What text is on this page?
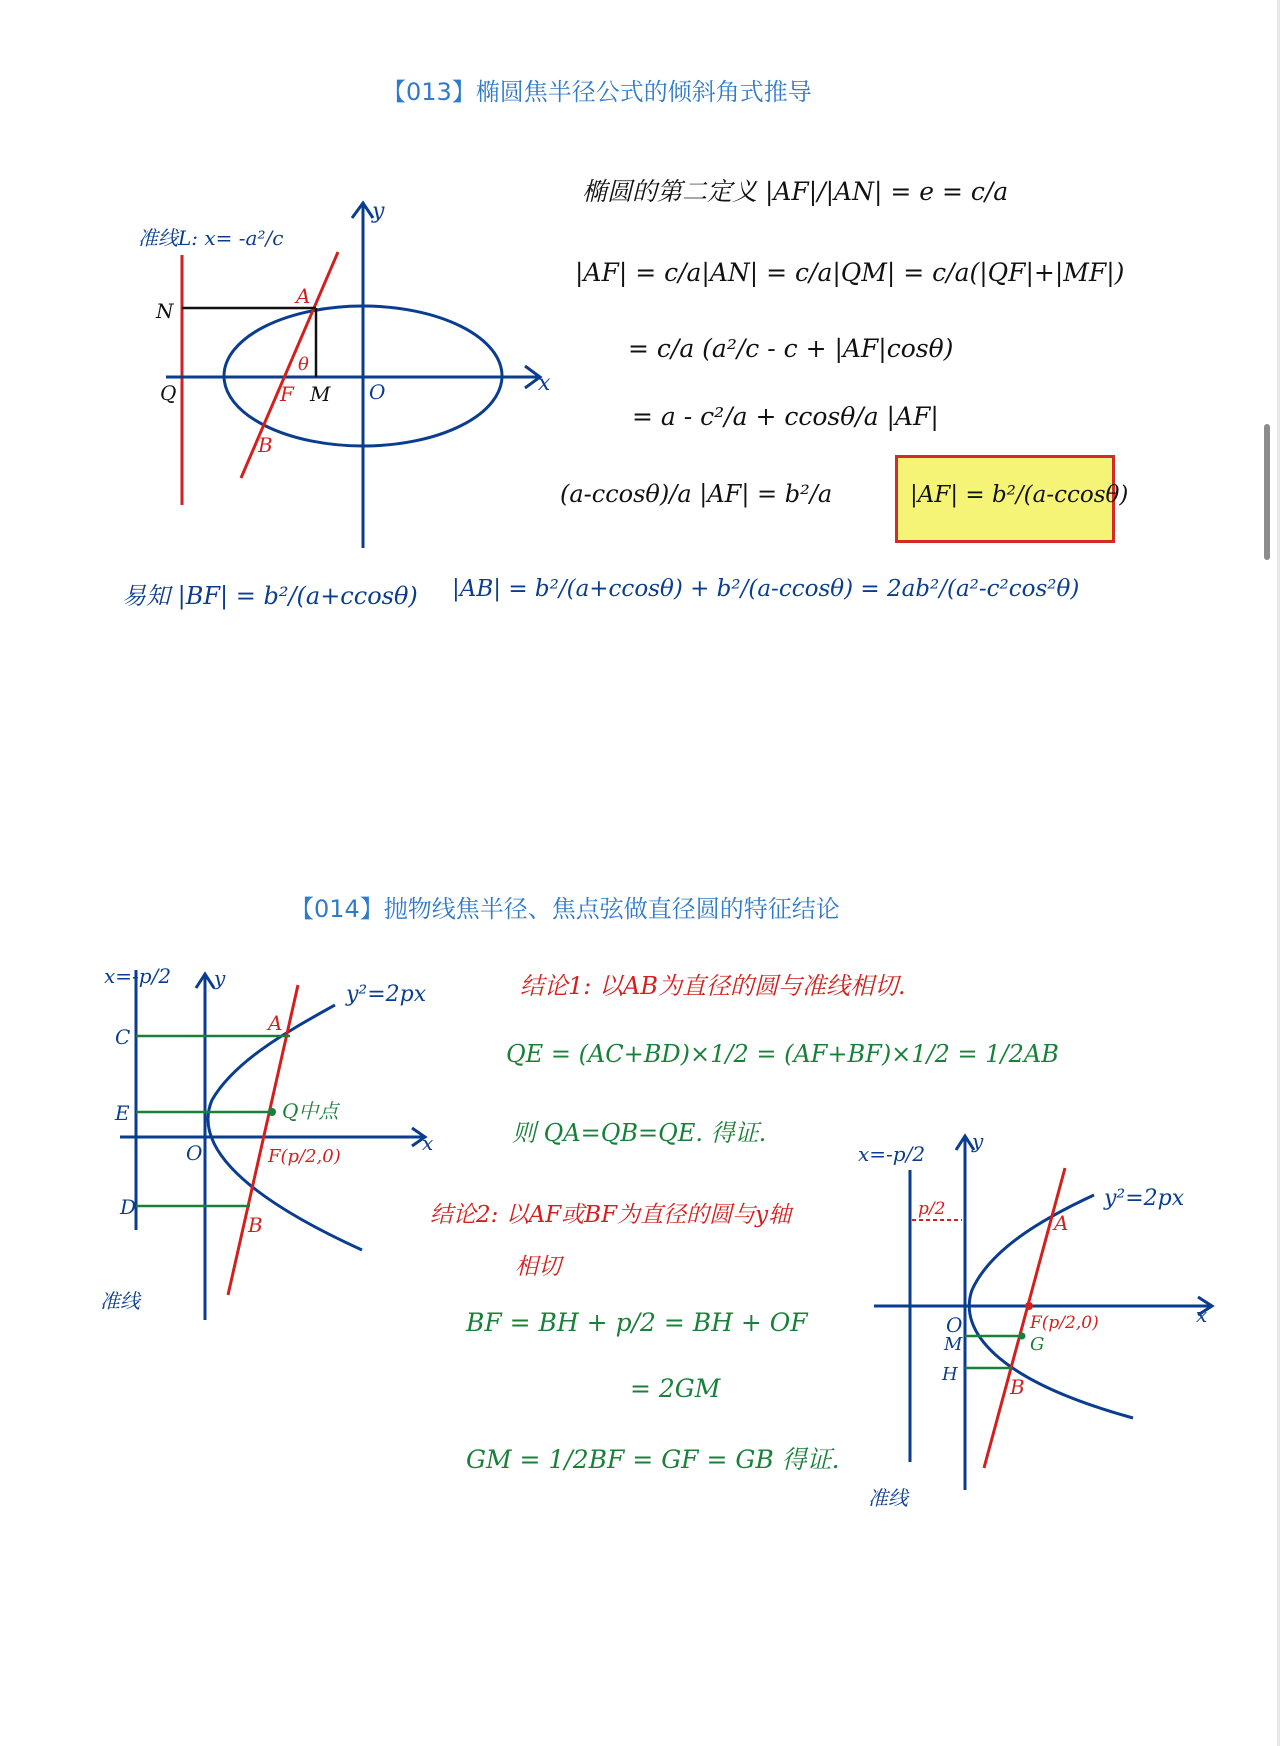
【013】椭圆焦半径公式的倾斜角式推导
y
x
N
A
θ
Q	F M O
B
准线L: x= -a²/c
椭圆的第二定义 |AF|/|AN| = e = c/a
|AF| = c/a|AN| = c/a|QM| = c/a(|QF|+|MF|)
= c/a (a²/c - c + |AF|cosθ)
= a - c²/a + ccosθ/a |AF|
(a-ccosθ)/a |AF| = b²/a	|AF| = b²/(a-ccosθ)
易知 |BF| = b²/(a+ccosθ) |AB| = b²/(a+ccosθ) + b²/(a-ccosθ) = 2ab²/(a²-c²cos²θ)
【014】抛物线焦半径、焦点弦做直径圆的特征结论
y
C
A
E	Q中点
O	F(p/2,0)
x
D
B
准线
x=-p/2
y²=2px	结论1: 以AB为直径的圆与准线相切.
QE = (AC+BD)×1/2 = (AF+BF)×1/2 = 1/2AB
则 QA=QB=QE. 得证.
结论2: 以AF或BF为直径的圆与y轴
相切
BF = BH + p/2 = BH + OF
= 2GM
GM = 1/2BF = GF = GB 得证.
y
p/2
A
O	F(p/2,0)
G
M
H
B
x
准线
x=-p/2
y²=2px
